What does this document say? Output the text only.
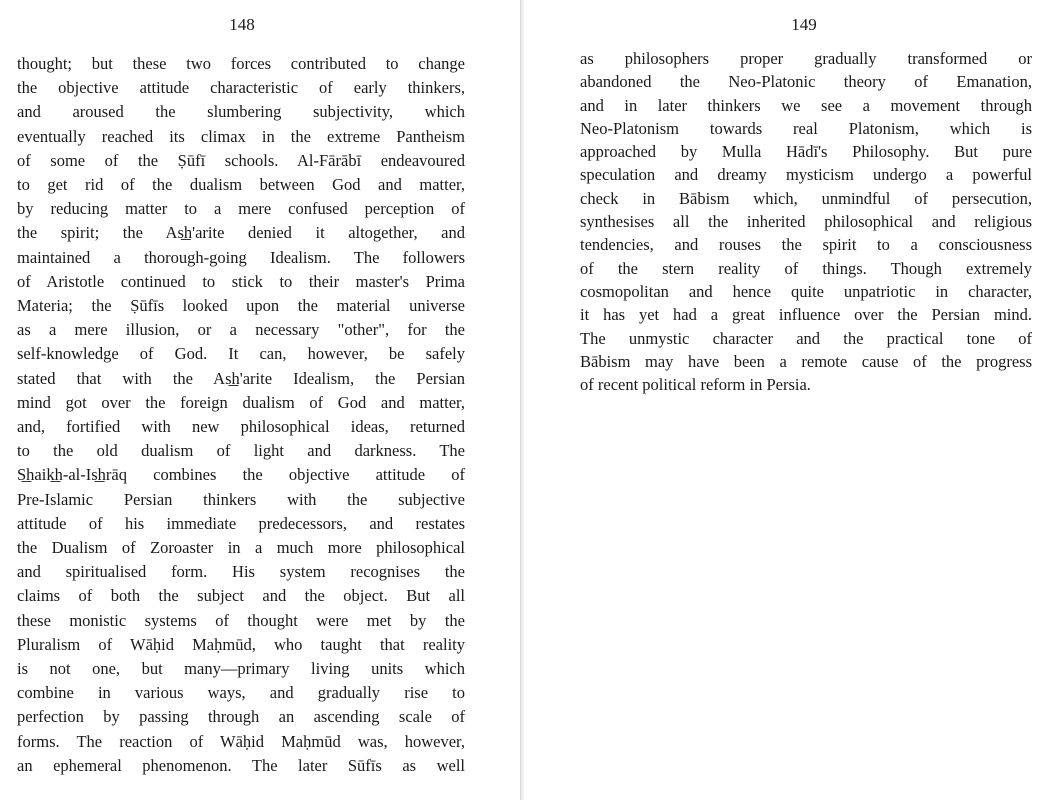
148
thought; but these two forces contributed to change
the objective attitude characteristic of early thinkers,
and aroused the slumbering subjectivity, which
eventually reached its climax in the extreme Pantheism
of some of the Ṣūfī schools. Al-Fārābī endeavoured
to get rid of the dualism between God and matter,
by reducing matter to a mere confused perception of
the spirit; the As͟h'arite denied it altogether, and
maintained a thorough-going Idealism. The followers
of Aristotle continued to stick to their master's Prima
Materia; the Ṣūfīs looked upon the material universe
as a mere illusion, or a necessary "other", for the
self-knowledge of God. It can, however, be safely
stated that with the As͟h'arite Idealism, the Persian
mind got over the foreign dualism of God and matter,
and, fortified with new philosophical ideas, returned
to the old dualism of light and darkness. The
S͟haik͟h-al-Is͟hrāq combines the objective attitude of
Pre-Islamic Persian thinkers with the subjective
attitude of his immediate predecessors, and restates
the Dualism of Zoroaster in a much more philosophical
and spiritualised form. His system recognises the
claims of both the subject and the object. But all
these monistic systems of thought were met by the
Pluralism of Wāḥid Maḥmūd, who taught that reality
is not one, but many—primary living units which
combine in various ways, and gradually rise to
perfection by passing through an ascending scale of
forms. The reaction of Wāḥid Maḥmūd was, however,
an ephemeral phenomenon. The later Sūfīs as well
149
as philosophers proper gradually transformed or
abandoned the Neo-Platonic theory of Emanation,
and in later thinkers we see a movement through
Neo-Platonism towards real Platonism, which is
approached by Mulla Hādī's Philosophy. But pure
speculation and dreamy mysticism undergo a powerful
check in Bābism which, unmindful of persecution,
synthesises all the inherited philosophical and religious
tendencies, and rouses the spirit to a consciousness
of the stern reality of things. Though extremely
cosmopolitan and hence quite unpatriotic in character,
it has yet had a great influence over the Persian mind.
The unmystic character and the practical tone of
Bābism may have been a remote cause of the progress
of recent political reform in Persia.
